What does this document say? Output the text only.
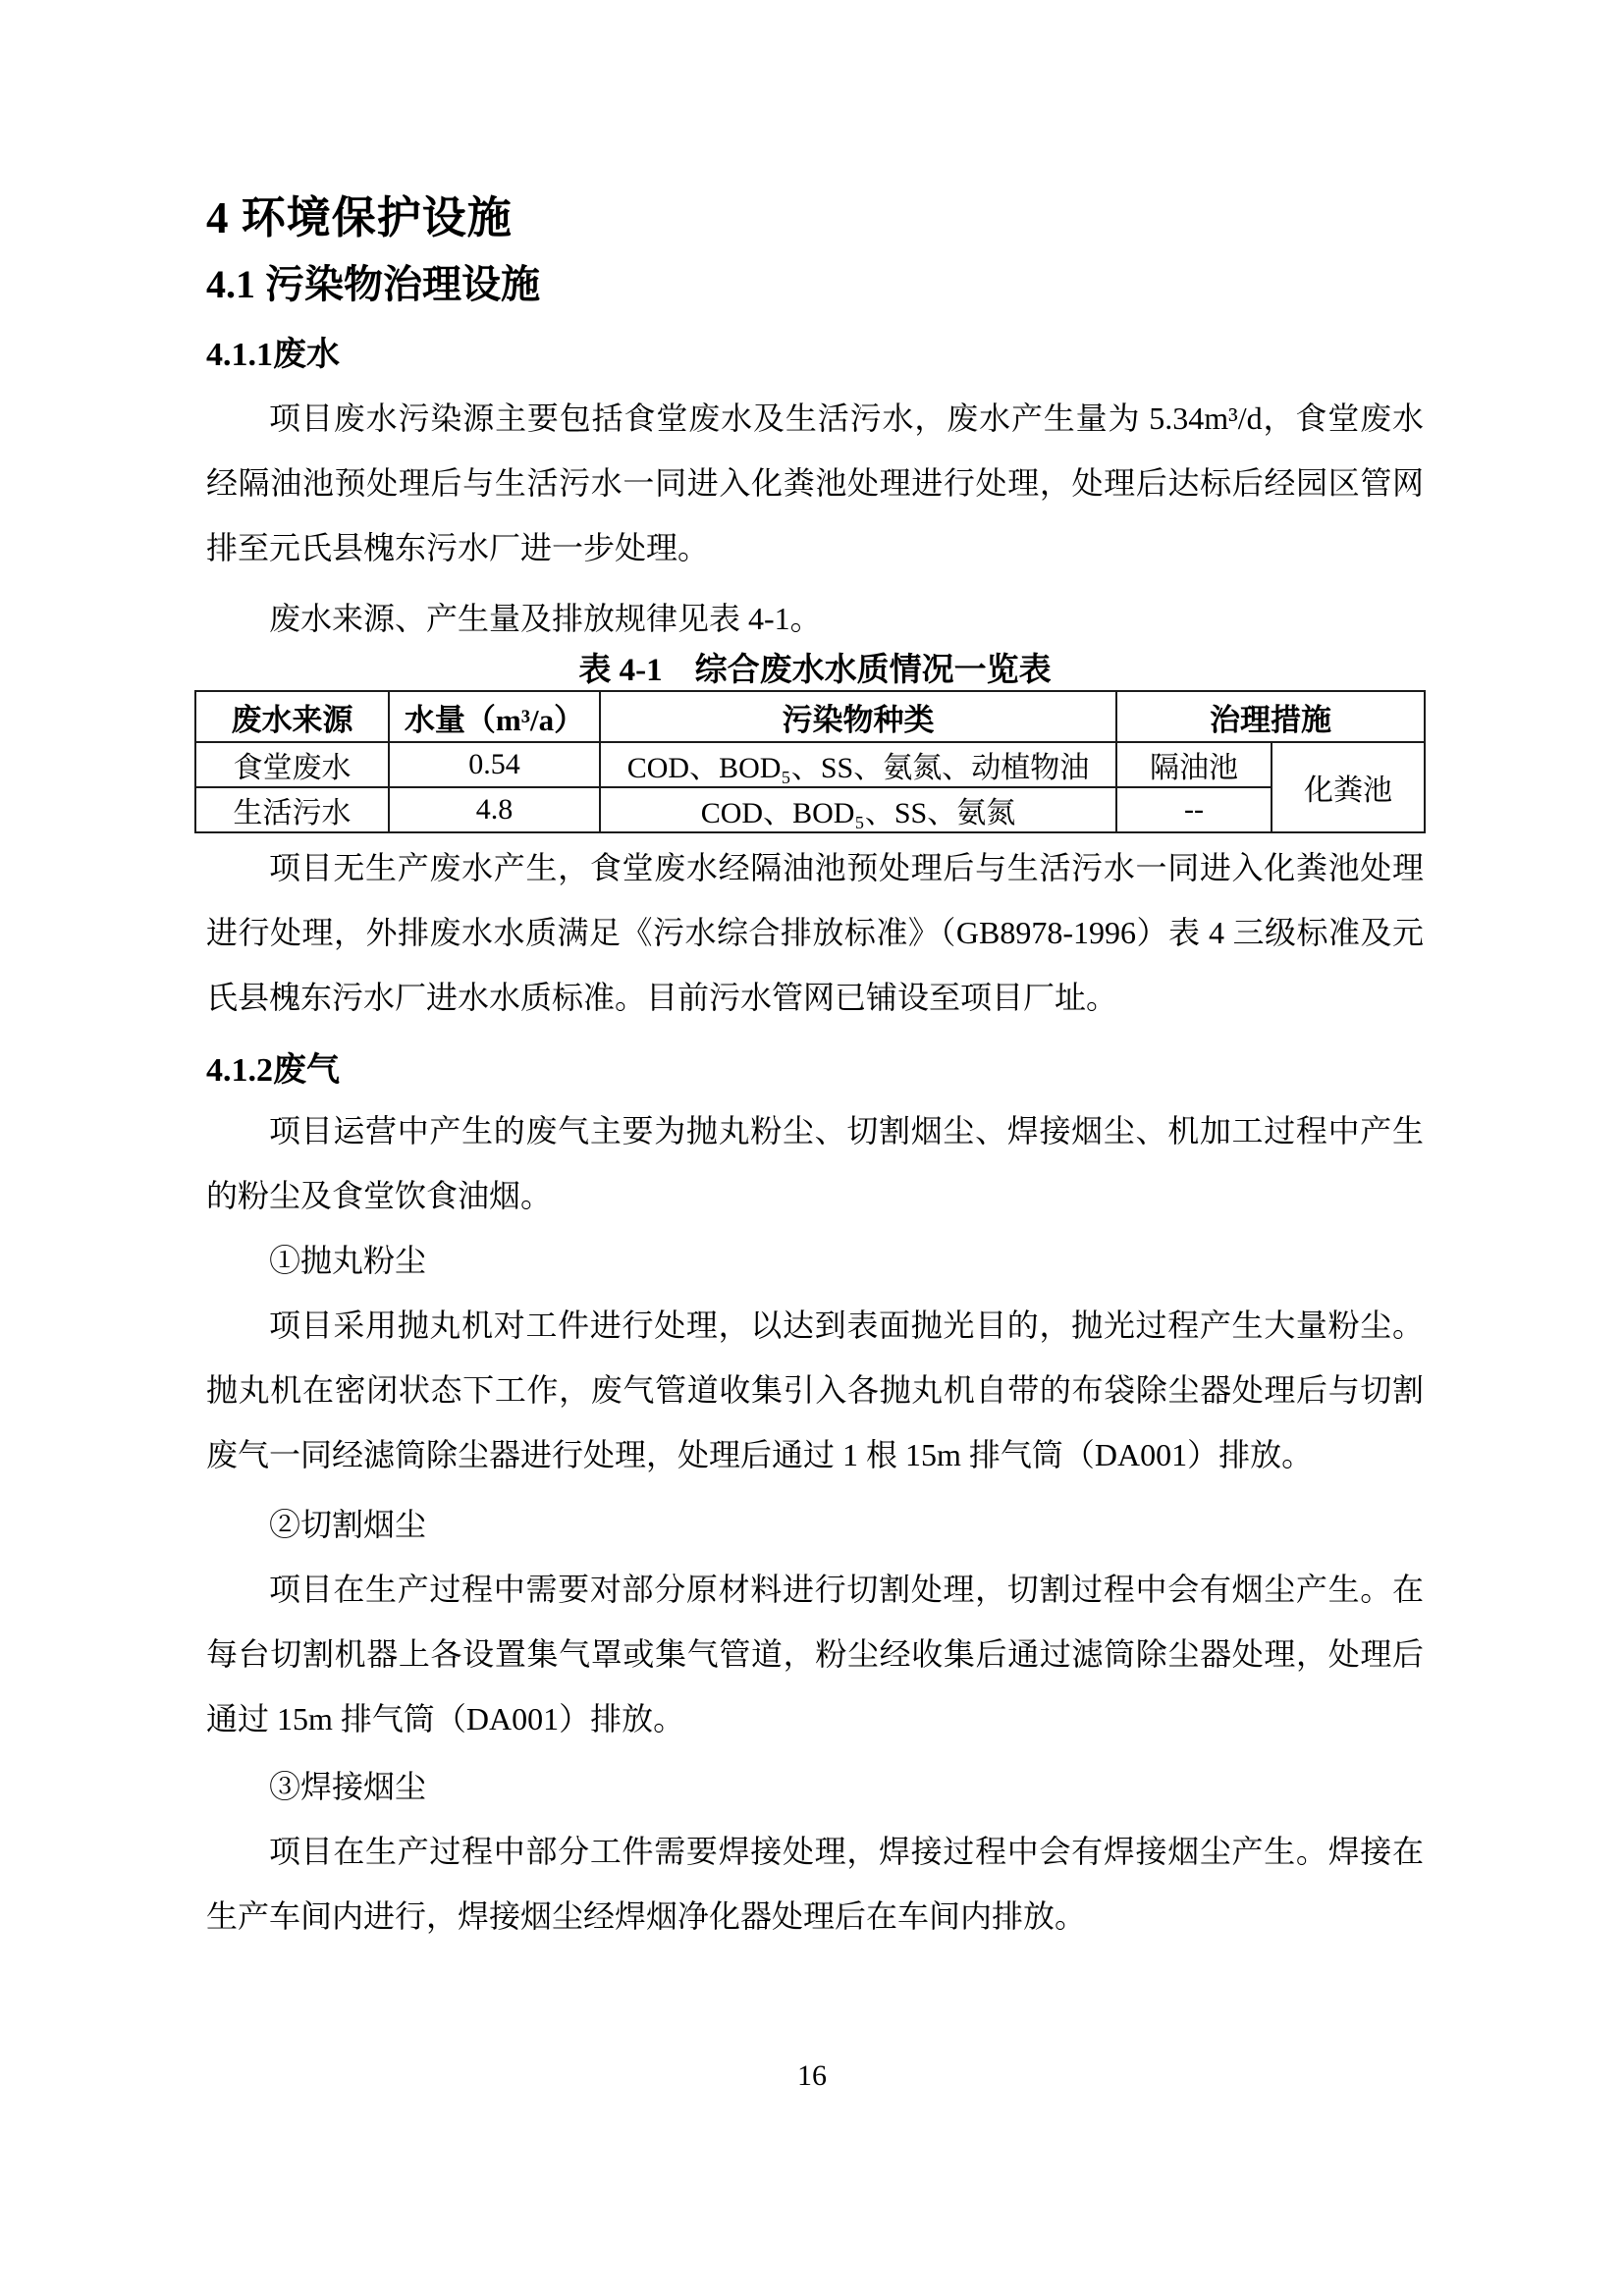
4 环境保护设施
4.1 污染物治理设施
4.1.1废水

项目废水污染源主要包括食堂废水及生活污水，废水产生量为 5.34m³/d，食堂废水经隔油池预处理后与生活污水一同进入化粪池处理进行处理，处理后达标后经园区管网排至元氏县槐东污水厂进一步处理。

废水来源、产生量及排放规律见表 4-1。

表 4-1　综合废水水质情况一览表

废水来源	水量（m³/a）	污染物种类	治理措施	
食堂废水	0.54	COD、BOD₅、SS、氨氮、动植物油	隔油池	化粪池
生活污水	4.8	COD、BOD₅、SS、氨氮	--	

项目无生产废水产生，食堂废水经隔油池预处理后与生活污水一同进入化粪池处理进行处理，外排废水水质满足《污水综合排放标准》（GB8978-1996）表 4 三级标准及元氏县槐东污水厂进水水质标准。目前污水管网已铺设至项目厂址。

4.1.2废气

项目运营中产生的废气主要为抛丸粉尘、切割烟尘、焊接烟尘、机加工过程中产生的粉尘及食堂饮食油烟。

①抛丸粉尘

项目采用抛丸机对工件进行处理，以达到表面抛光目的，抛光过程产生大量粉尘。抛丸机在密闭状态下工作，废气管道收集引入各抛丸机自带的布袋除尘器处理后与切割废气一同经滤筒除尘器进行处理，处理后通过 1 根 15m 排气筒（DA001）排放。

②切割烟尘

项目在生产过程中需要对部分原材料进行切割处理，切割过程中会有烟尘产生。在每台切割机器上各设置集气罩或集气管道，粉尘经收集后通过滤筒除尘器处理，处理后通过 15m 排气筒（DA001）排放。

③焊接烟尘

项目在生产过程中部分工件需要焊接处理，焊接过程中会有焊接烟尘产生。焊接在生产车间内进行，焊接烟尘经焊烟净化器处理后在车间内排放。

16
